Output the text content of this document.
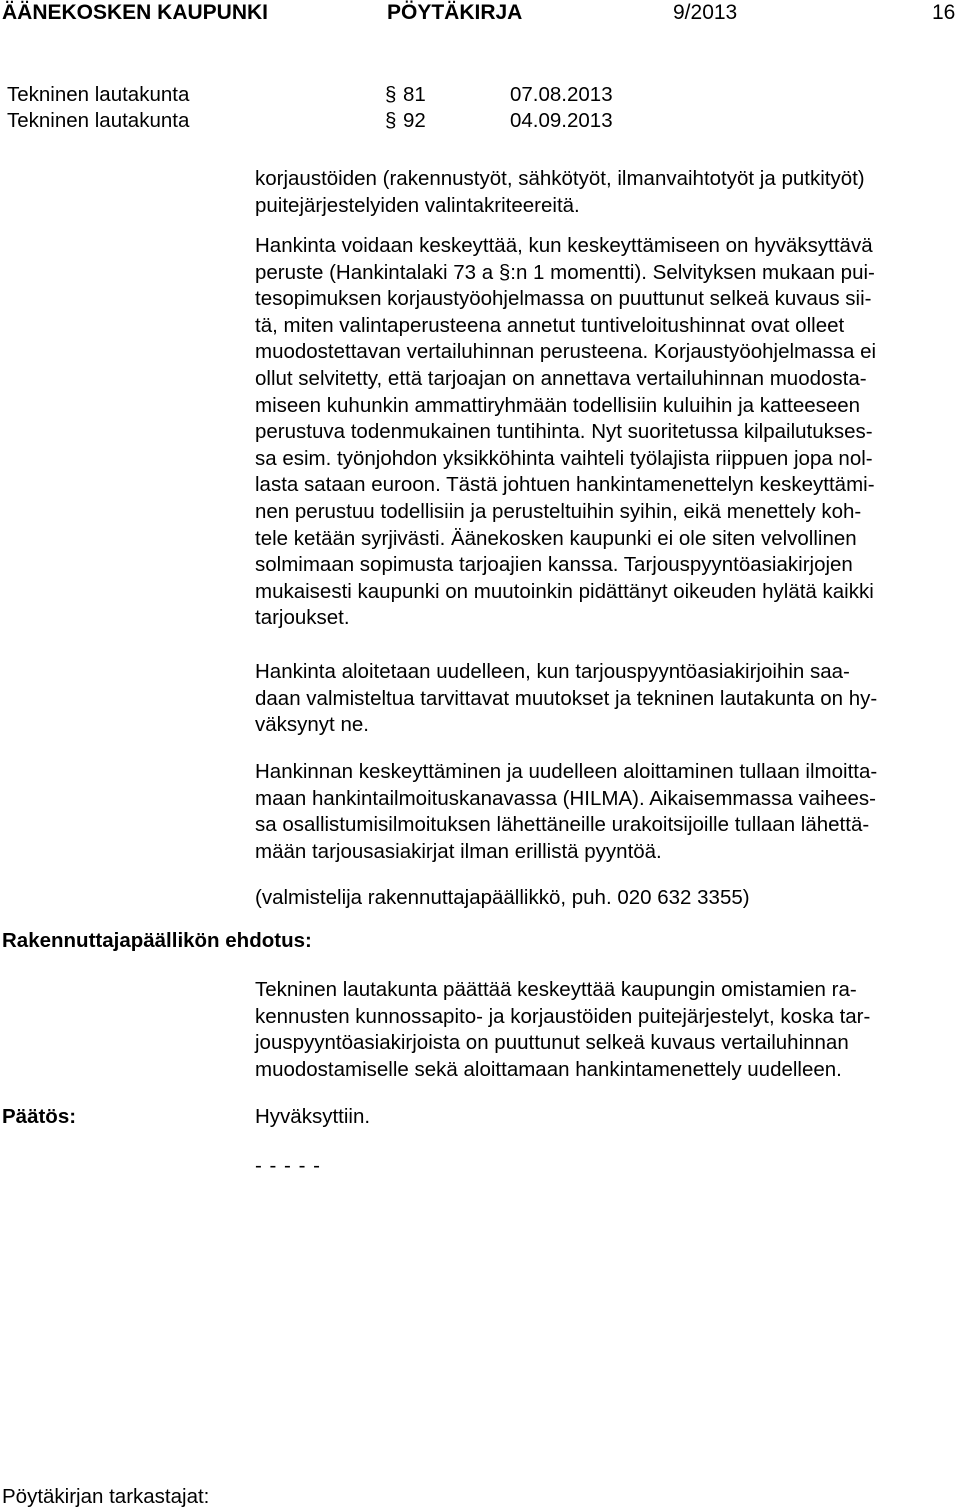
ÄÄNEKOSKEN KAUPUNKI	PÖYTÄKIRJA	9/2013	16
Tekninen lautakunta	§ 81	07.08.2013
Tekninen lautakunta	§ 92	04.09.2013
korjaustöiden (rakennustyöt, sähkötyöt, ilmanvaihtotyöt ja putkityöt)
puitejärjestelyiden valintakriteereitä.
Hankinta voidaan keskeyttää, kun keskeyttämiseen on hyväksyttävä
peruste (Hankintalaki 73 a §:n 1 momentti). Selvityksen mukaan pui-
tesopimuksen korjaustyöohjelmassa on puuttunut selkeä kuvaus sii-
tä, miten valintaperusteena annetut tuntiveloitushinnat ovat olleet
muodostettavan vertailuhinnan perusteena. Korjaustyöohjelmassa ei
ollut selvitetty, että tarjoajan on annettava vertailuhinnan muodosta-
miseen kuhunkin ammattiryhmään todellisiin kuluihin ja katteeseen
perustuva todenmukainen tuntihinta. Nyt suoritetussa kilpailutukses-
sa esim. työnjohdon yksikköhinta vaihteli työlajista riippuen jopa nol-
lasta sataan euroon. Tästä johtuen hankintamenettelyn keskeyttämi-
nen perustuu todellisiin ja perusteltuihin syihin, eikä menettely koh-
tele ketään syrjivästi. Äänekosken kaupunki ei ole siten velvollinen
solmimaan sopimusta tarjoajien kanssa. Tarjouspyyntöasiakirjojen
mukaisesti kaupunki on muutoinkin pidättänyt oikeuden hylätä kaikki
tarjoukset.
Hankinta aloitetaan uudelleen, kun tarjouspyyntöasiakirjoihin saa-
daan valmisteltua tarvittavat muutokset ja tekninen lautakunta on hy-
väksynyt ne.
Hankinnan keskeyttäminen ja uudelleen aloittaminen tullaan ilmoitta-
maan hankintailmoituskanavassa (HILMA). Aikaisemmassa vaihees-
sa osallistumisilmoituksen lähettäneille urakoitsijoille tullaan lähettä-
mään tarjousasiakirjat ilman erillistä pyyntöä.
(valmistelija rakennuttajapäällikkö, puh. 020 632 3355)
Rakennuttajapäällikön ehdotus:
Tekninen lautakunta päättää keskeyttää kaupungin omistamien ra-
kennusten kunnossapito- ja korjaustöiden puitejärjestelyt, koska tar-
jouspyyntöasiakirjoista on puuttunut selkeä kuvaus vertailuhinnan
muodostamiselle sekä aloittamaan hankintamenettely uudelleen.
Päätös:	Hyväksyttiin.
- - - - -
Pöytäkirjan tarkastajat:
